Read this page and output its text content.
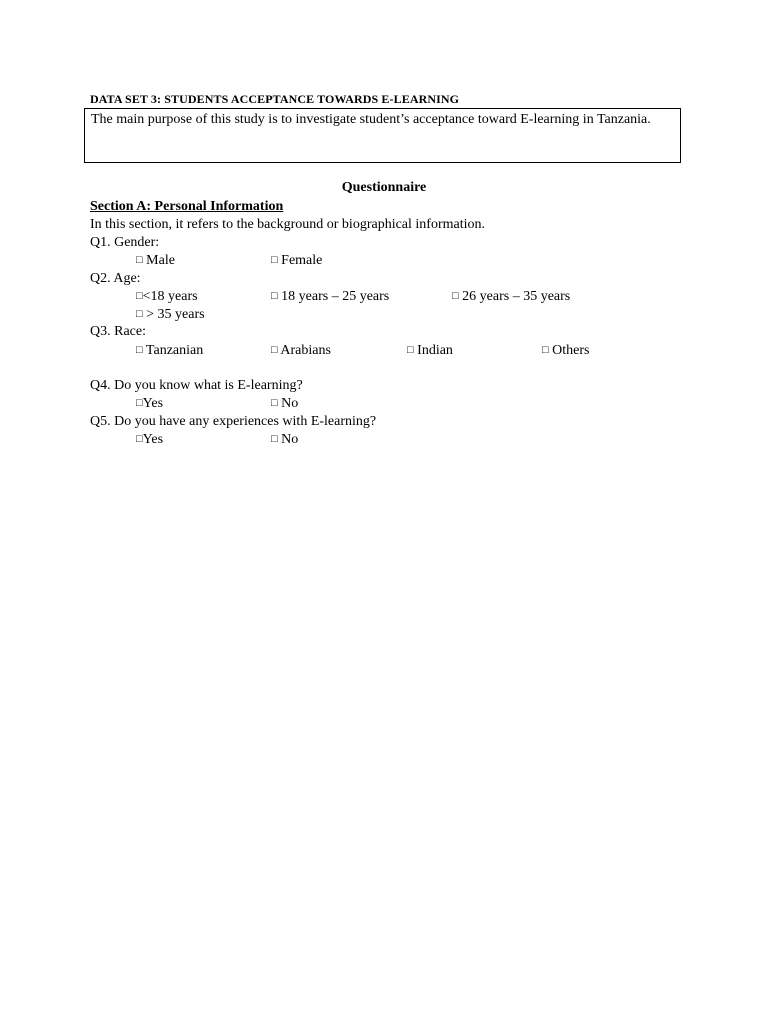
DATA SET 3: STUDENTS ACCEPTANCE TOWARDS E-LEARNING
The main purpose of this study is to investigate student’s acceptance toward E-learning in Tanzania.
Questionnaire
Section A: Personal Information
In this section, it refers to the background or biographical information.
Q1. Gender:
□ Male	□ Female
Q2. Age:
□<18 years	□ 18 years – 25 years	□ 26 years – 35 years
□ > 35 years
Q3. Race:
□ Tanzanian	□ Arabians	□ Indian	□ Others
Q4. Do you know what is E-learning?
□Yes	□ No
Q5. Do you have any experiences with E-learning?
□Yes	□ No
